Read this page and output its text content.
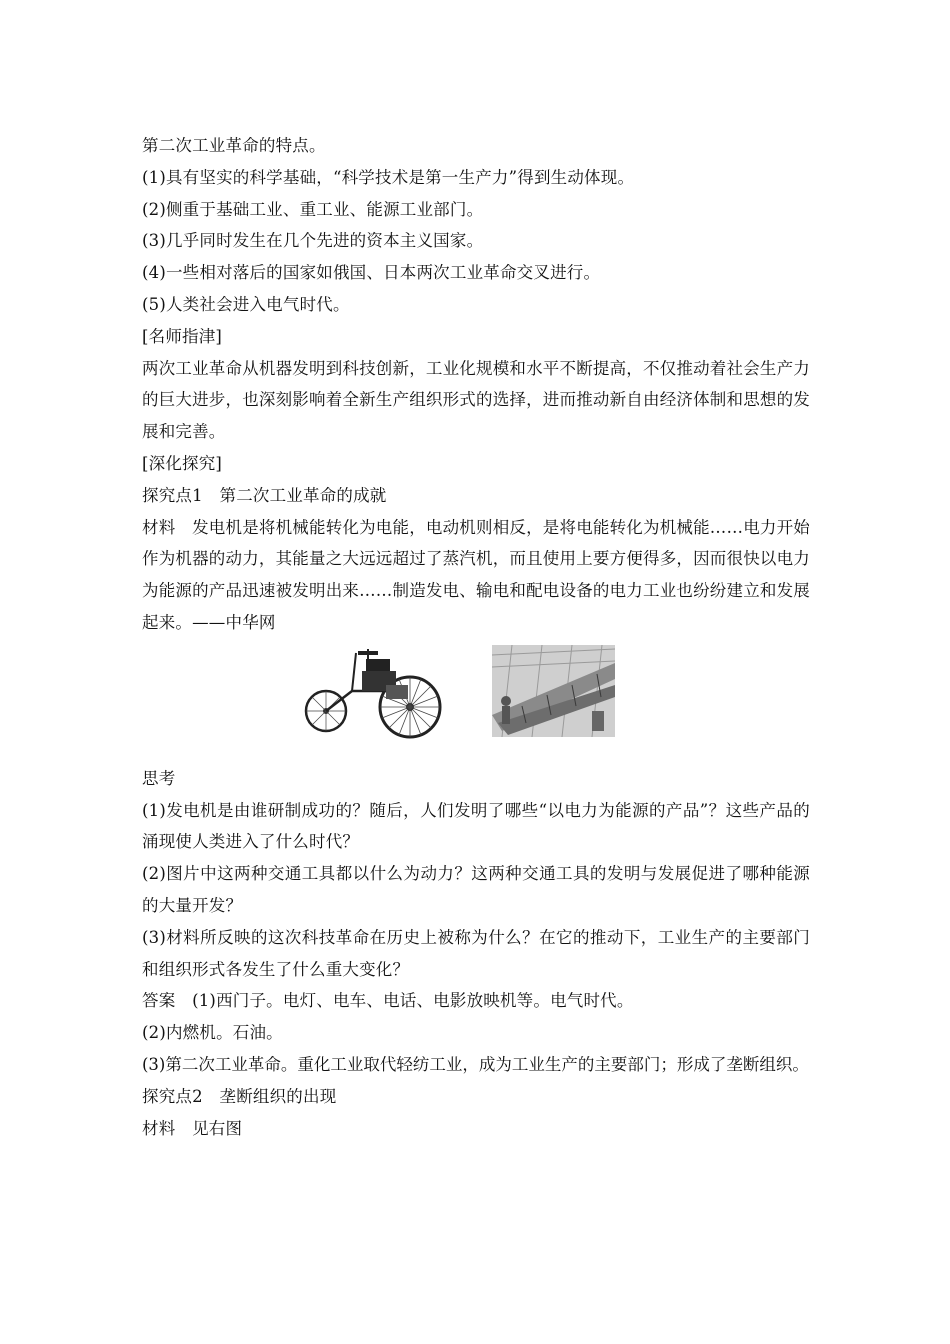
第二次工业革命的特点。
(1)具有坚实的科学基础，“科学技术是第一生产力”得到生动体现。
(2)侧重于基础工业、重工业、能源工业部门。
(3)几乎同时发生在几个先进的资本主义国家。
(4)一些相对落后的国家如俄国、日本两次工业革命交叉进行。
(5)人类社会进入电气时代。
[名师指津]
两次工业革命从机器发明到科技创新，工业化规模和水平不断提高，不仅推动着社会生产力的巨大进步，也深刻影响着全新生产组织形式的选择，进而推动新自由经济体制和思想的发展和完善。
[深化探究]
探究点1　第二次工业革命的成就
材料　发电机是将机械能转化为电能，电动机则相反，是将电能转化为机械能……电力开始作为机器的动力，其能量之大远远超过了蒸汽机，而且使用上要方便得多，因而很快以电力为能源的产品迅速被发明出来……制造发电、输电和配电设备的电力工业也纷纷建立和发展起来。——中华网
思考
(1)发电机是由谁研制成功的？随后，人们发明了哪些“以电力为能源的产品”？这些产品的涌现使人类进入了什么时代？
(2)图片中这两种交通工具都以什么为动力？这两种交通工具的发明与发展促进了哪种能源的大量开发？
(3)材料所反映的这次科技革命在历史上被称为什么？在它的推动下，工业生产的主要部门和组织形式各发生了什么重大变化？
答案　(1)西门子。电灯、电车、电话、电影放映机等。电气时代。
(2)内燃机。石油。
(3)第二次工业革命。重化工业取代轻纺工业，成为工业生产的主要部门；形成了垄断组织。
探究点2　垄断组织的出现
材料　见右图
